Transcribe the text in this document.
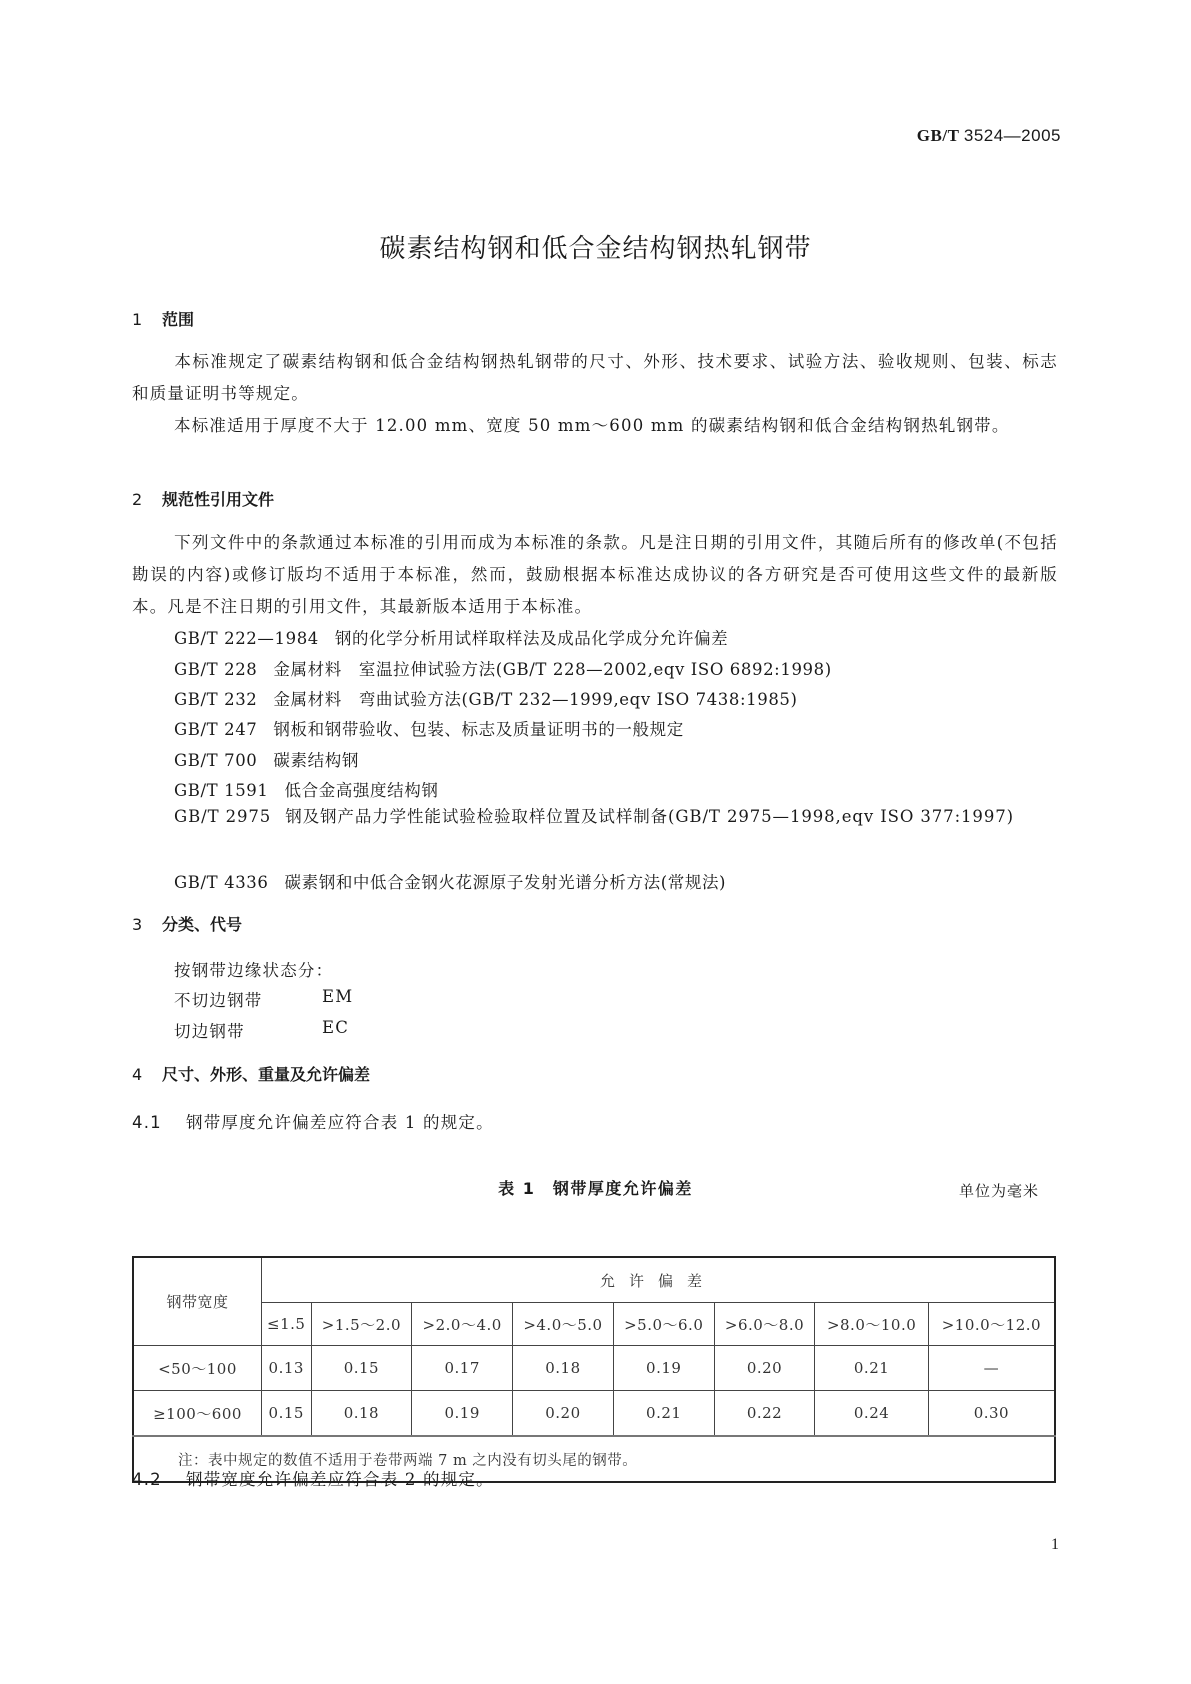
GB/T 3524—2005
碳素结构钢和低合金结构钢热轧钢带
1 范围
本标准规定了碳素结构钢和低合金结构钢热轧钢带的尺寸、外形、技术要求、试验方法、验收规则、包装、标志和质量证明书等规定。
本标准适用于厚度不大于 12.00 mm、宽度 50 mm～600 mm 的碳素结构钢和低合金结构钢热轧钢带。
2 规范性引用文件
下列文件中的条款通过本标准的引用而成为本标准的条款。凡是注日期的引用文件，其随后所有的修改单(不包括勘误的内容)或修订版均不适用于本标准，然而，鼓励根据本标准达成协议的各方研究是否可使用这些文件的最新版本。凡是不注日期的引用文件，其最新版本适用于本标准。
GB/T 222—1984 钢的化学分析用试样取样法及成品化学成分允许偏差
GB/T 228 金属材料　室温拉伸试验方法(GB/T 228—2002,eqv ISO 6892:1998)
GB/T 232 金属材料　弯曲试验方法(GB/T 232—1999,eqv ISO 7438:1985)
GB/T 247 钢板和钢带验收、包装、标志及质量证明书的一般规定
GB/T 700 碳素结构钢
GB/T 1591 低合金高强度结构钢
GB/T 2975 钢及钢产品力学性能试验检验取样位置及试样制备(GB/T 2975—1998,eqv ISO 377:1997)
GB/T 4336 碳素钢和中低合金钢火花源原子发射光谱分析方法(常规法)
3 分类、代号
按钢带边缘状态分：
不切边钢带	EM
切边钢带	EC
4 尺寸、外形、重量及允许偏差
4.1 钢带厚度允许偏差应符合表 1 的规定。
表 1　钢带厚度允许偏差	单位为毫米
钢带宽度	允许偏差							
	≤1.5	>1.5～2.0	>2.0～4.0	>4.0～5.0	>5.0～6.0	>6.0～8.0	>8.0～10.0	>10.0～12.0
<50～100	0.13	0.15	0.17	0.18	0.19	0.20	0.21	—
≥100～600	0.15	0.18	0.19	0.20	0.21	0.22	0.24	0.30
注：表中规定的数值不适用于卷带两端 7 m 之内没有切头尾的钢带。								
4.2 钢带宽度允许偏差应符合表 2 的规定。
1
